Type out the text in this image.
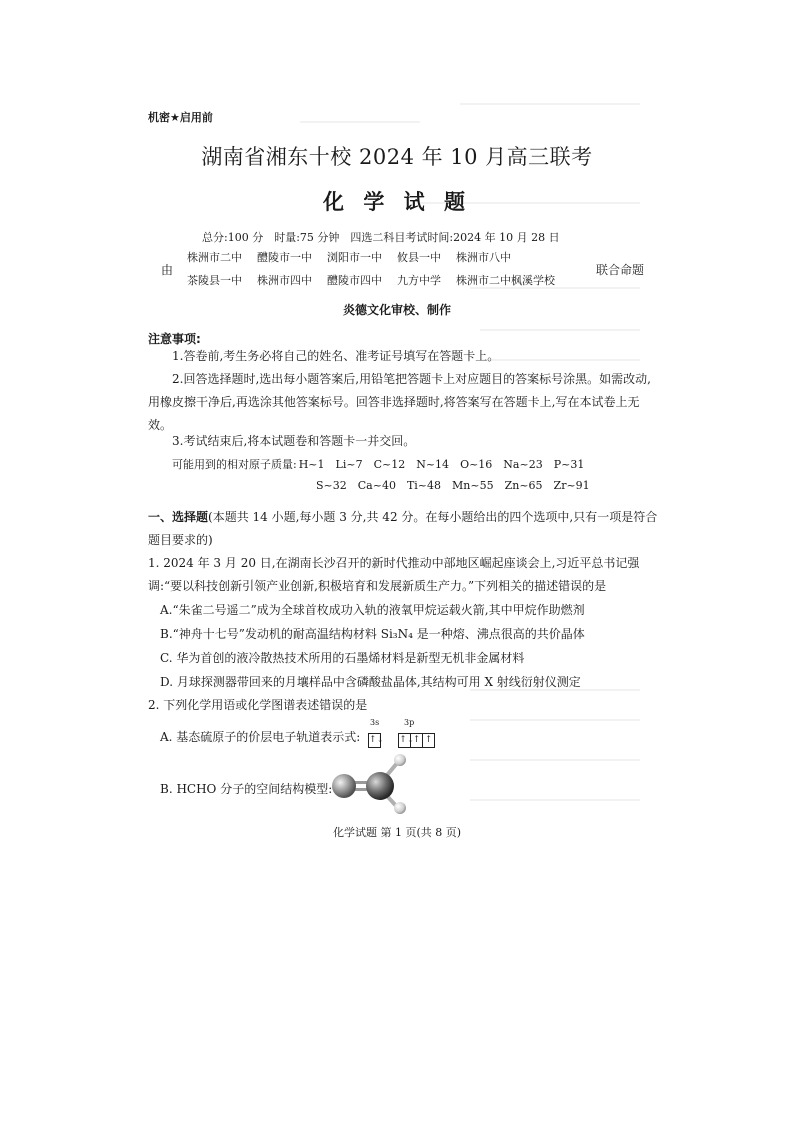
机密★启用前
湖南省湘东十校 2024 年 10 月高三联考
化 学 试 题
总分:100 分　时量:75 分钟　四选二科目考试时间:2024 年 10 月 28 日
由
株洲市二中 醴陵市一中 浏阳市一中 攸县一中 株洲市八中
茶陵县一中 株洲市四中 醴陵市四中 九方中学 株洲市二中枫溪学校
联合命题
炎德文化审校、制作
注意事项:
1.答卷前,考生务必将自己的姓名、准考证号填写在答题卡上。
2.回答选择题时,选出每小题答案后,用铅笔把答题卡上对应题目的答案标号涂黑。如需改动,用橡皮擦干净后,再选涂其他答案标号。回答非选择题时,将答案写在答题卡上,写在本试卷上无效。
3.考试结束后,将本试题卷和答题卡一并交回。
可能用到的相对原子质量: H~1 Li~7 C~12 N~14 O~16 Na~23 P~31
S~32 Ca~40 Ti~48 Mn~55 Zn~65 Zr~91
一、选择题(本题共 14 小题,每小题 3 分,共 42 分。在每小题给出的四个选项中,只有一项是符合题目要求的)
1. 2024 年 3 月 20 日,在湖南长沙召开的新时代推动中部地区崛起座谈会上,习近平总书记强调:“要以科技创新引领产业创新,积极培育和发展新质生产力。”下列相关的描述错误的是
A.“朱雀二号遥二”成为全球首枚成功入轨的液氧甲烷运载火箭,其中甲烷作助燃剂
B.“神舟十七号”发动机的耐高温结构材料 Si₃N₄ 是一种熔、沸点很高的共价晶体
C. 华为首创的液冷散热技术所用的石墨烯材料是新型无机非金属材料
D. 月球探测器带回来的月壤样品中含磷酸盐晶体,其结构可用 X 射线衍射仪测定
2. 下列化学用语或化学图谱表述错误的是
A. 基态硫原子的价层电子轨道表示式:
3s	3p
↑↓ ↑↓↑ ↑
B. HCHO 分子的空间结构模型:
化学试题 第 1 页(共 8 页)
